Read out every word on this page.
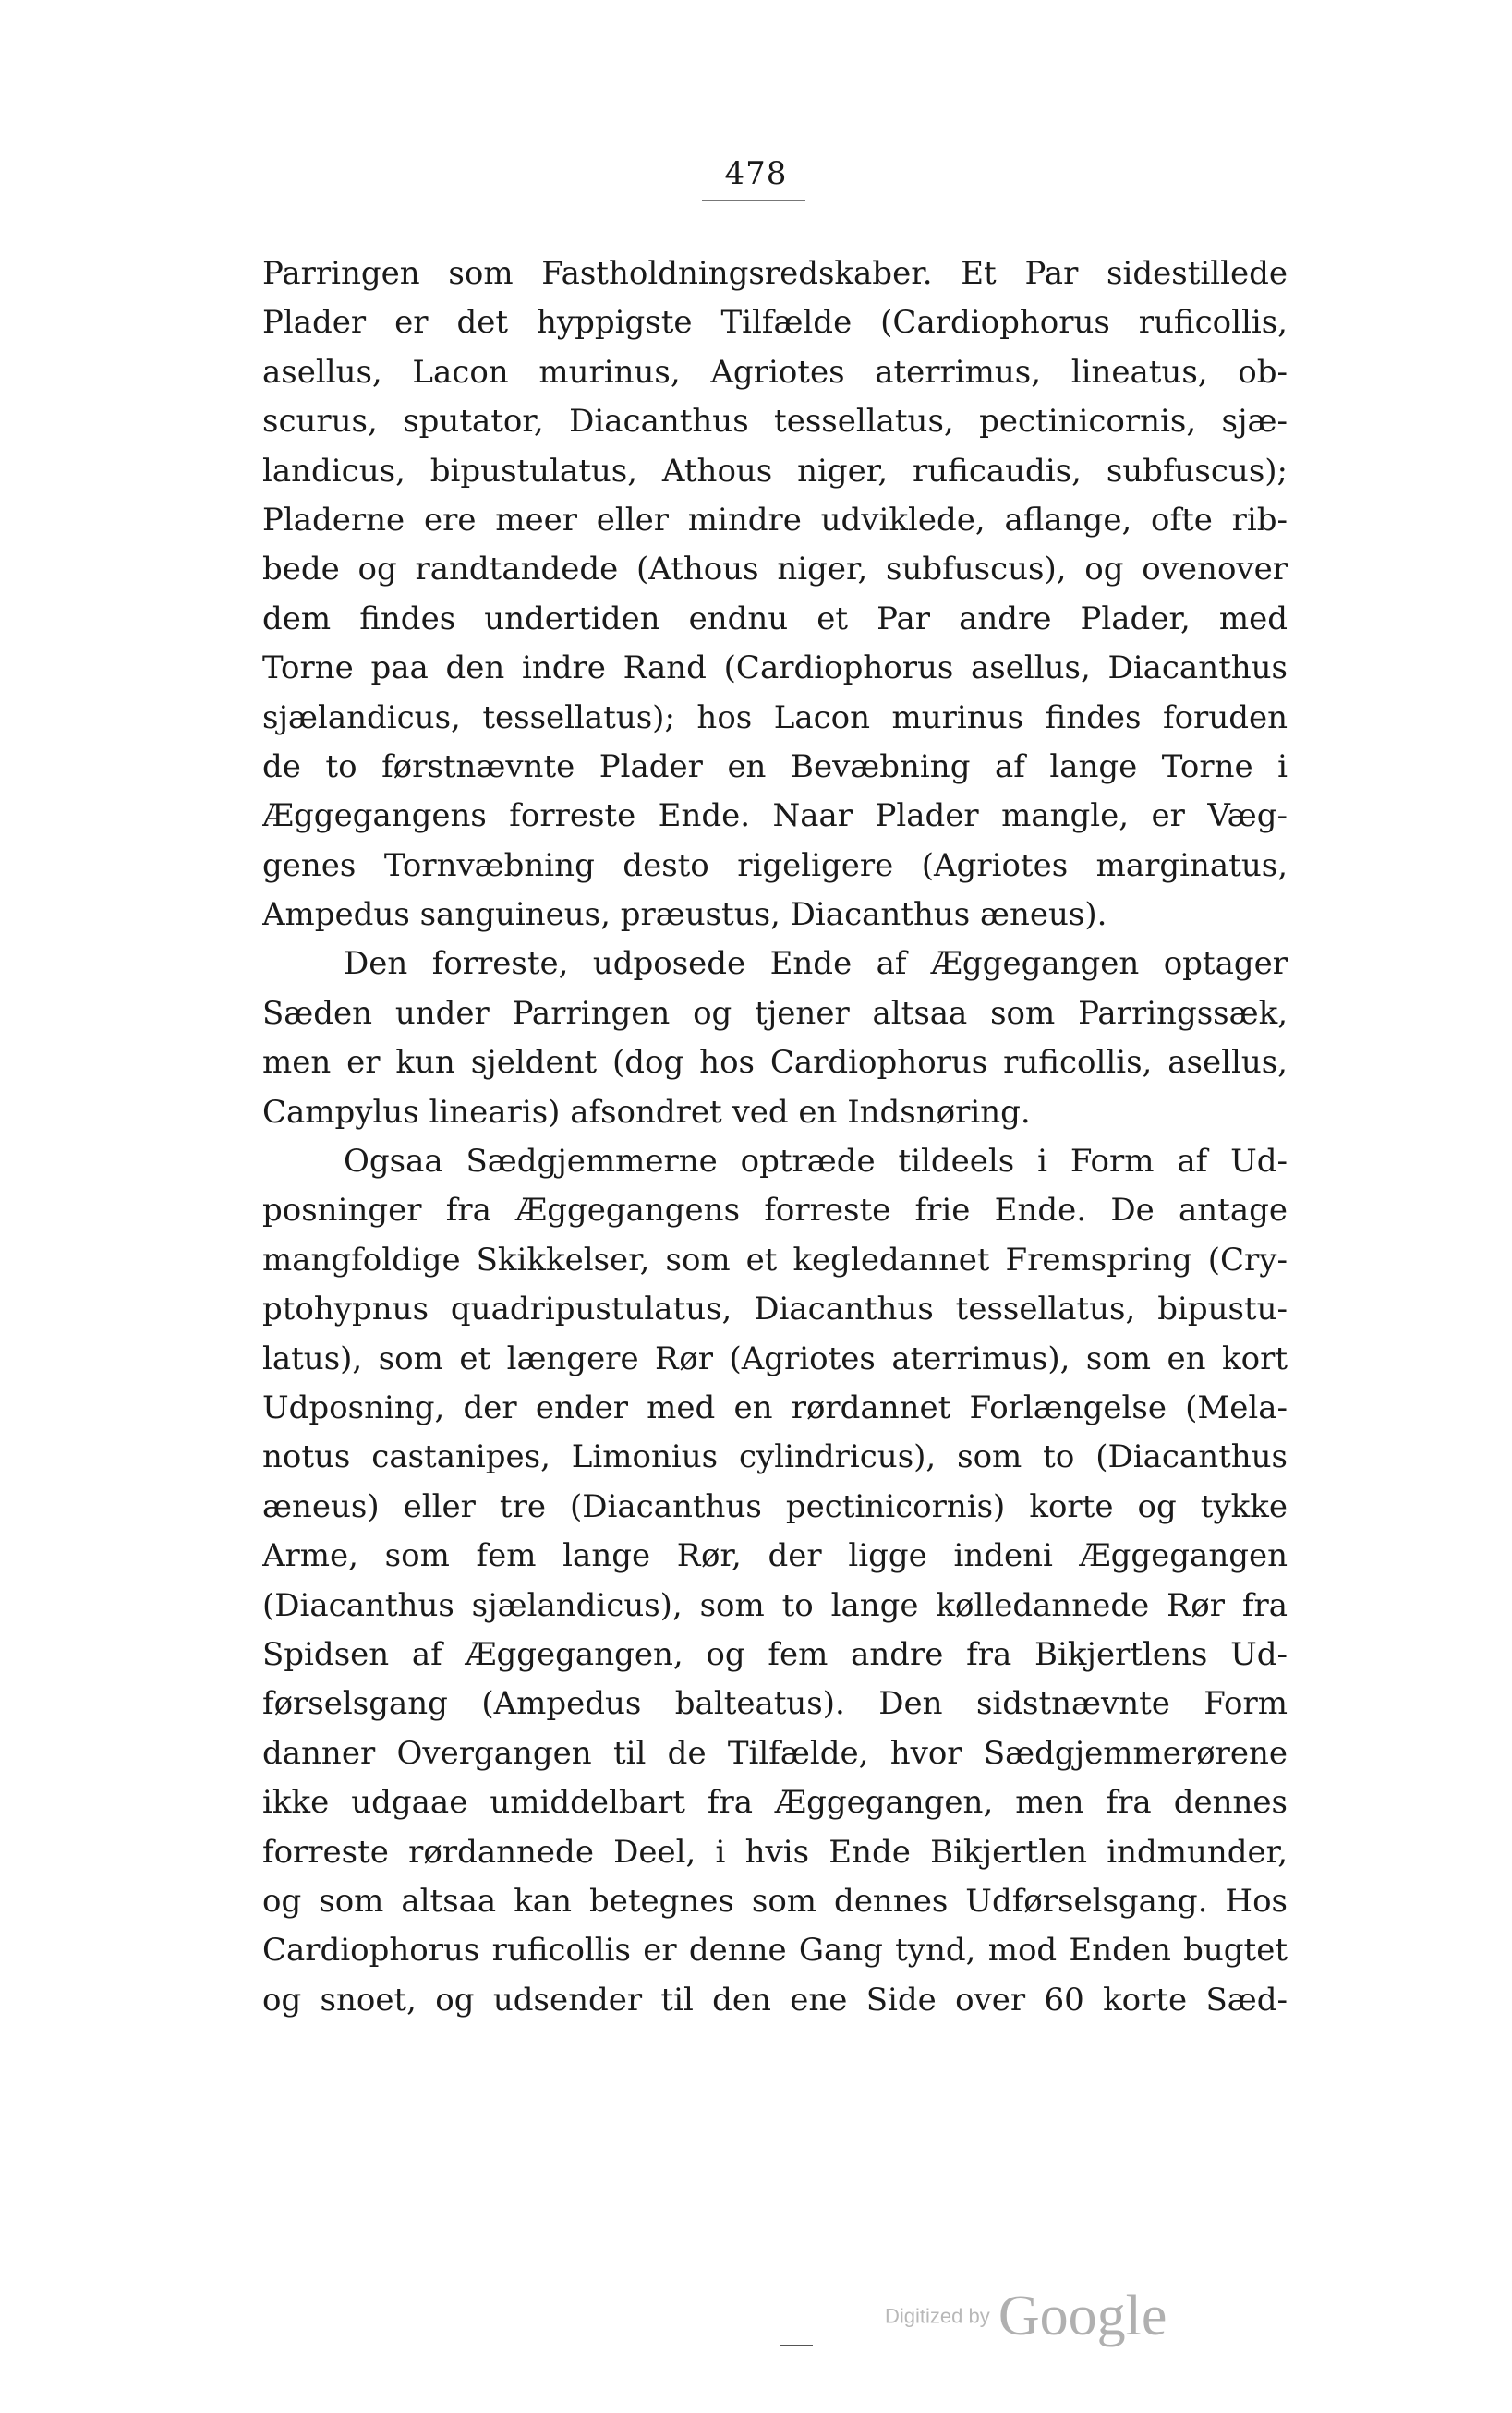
478
Parringen som Fastholdningsredskaber. Et Par sidestillede
Plader er det hyppigste Tilfælde (Cardiophorus ruficollis,
asellus, Lacon murinus, Agriotes aterrimus, lineatus, ob-
scurus, sputator, Diacanthus tessellatus, pectinicornis, sjæ-
landicus, bipustulatus, Athous niger, ruficaudis, subfuscus);
Pladerne ere meer eller mindre udviklede, aflange, ofte rib-
bede og randtandede (Athous niger, subfuscus), og ovenover
dem findes undertiden endnu et Par andre Plader, med
Torne paa den indre Rand (Cardiophorus asellus, Diacanthus
sjælandicus, tessellatus); hos Lacon murinus findes foruden
de to førstnævnte Plader en Bevæbning af lange Torne i
Æggegangens forreste Ende. Naar Plader mangle, er Væg-
genes Tornvæbning desto rigeligere (Agriotes marginatus,
Ampedus sanguineus, præustus, Diacanthus æneus).
Den forreste, udposede Ende af Æggegangen optager
Sæden under Parringen og tjener altsaa som Parringssæk,
men er kun sjeldent (dog hos Cardiophorus ruficollis, asellus,
Campylus linearis) afsondret ved en Indsnøring.
Ogsaa Sædgjemmerne optræde tildeels i Form af Ud-
posninger fra Æggegangens forreste frie Ende. De antage
mangfoldige Skikkelser, som et kegledannet Fremspring (Cry-
ptohypnus quadripustulatus, Diacanthus tessellatus, bipustu-
latus), som et længere Rør (Agriotes aterrimus), som en kort
Udposning, der ender med en rørdannet Forlængelse (Mela-
notus castanipes, Limonius cylindricus), som to (Diacanthus
æneus) eller tre (Diacanthus pectinicornis) korte og tykke
Arme, som fem lange Rør, der ligge indeni Æggegangen
(Diacanthus sjælandicus), som to lange kølledannede Rør fra
Spidsen af Æggegangen, og fem andre fra Bikjertlens Ud-
førselsgang (Ampedus balteatus). Den sidstnævnte Form
danner Overgangen til de Tilfælde, hvor Sædgjemmerørene
ikke udgaae umiddelbart fra Æggegangen, men fra dennes
forreste rørdannede Deel, i hvis Ende Bikjertlen indmunder,
og som altsaa kan betegnes som dennes Udførselsgang. Hos
Cardiophorus ruficollis er denne Gang tynd, mod Enden bugtet
og snoet, og udsender til den ene Side over 60 korte Sæd-
Digitized by Google
